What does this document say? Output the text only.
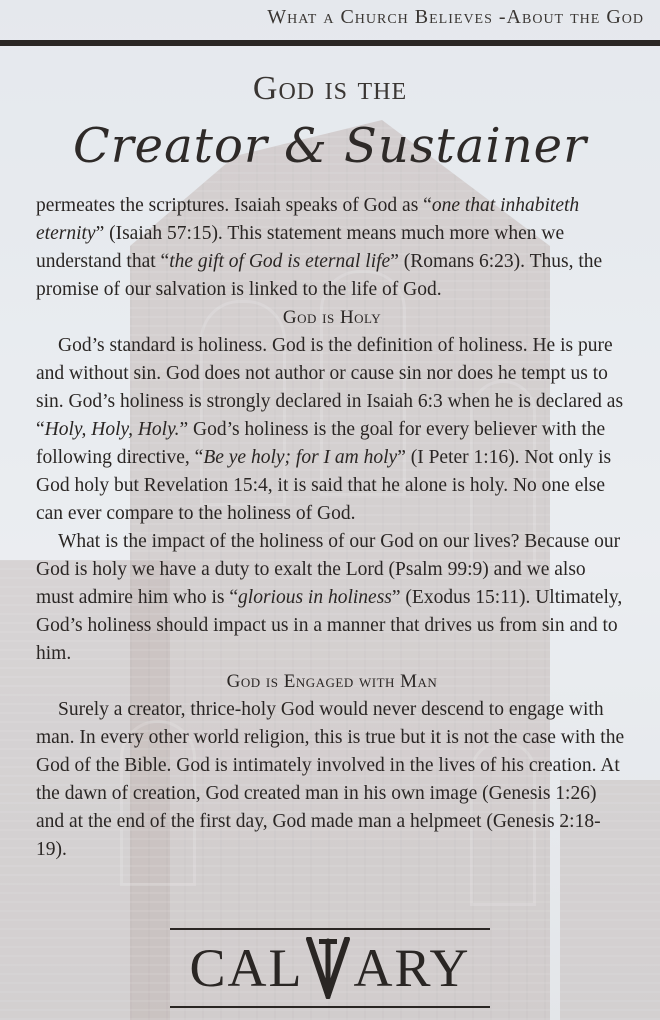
What a Church Believes -About the God
God is the
Creator & Sustainer

permeates the scriptures. Isaiah speaks of God as “one that inhabiteth eternity” (Isaiah 57:15). This statement means much more when we understand that “the gift of God is eternal life” (Romans 6:23). Thus, the promise of our salvation is linked to the life of God.

God is Holy

God’s standard is holiness. God is the definition of holiness. He is pure and without sin. God does not author or cause sin nor does he tempt us to sin. God’s holiness is strongly declared in Isaiah 6:3 when he is declared as “Holy, Holy, Holy.” God’s holiness is the goal for every believer with the following directive, “Be ye holy; for I am holy” (I Peter 1:16). Not only is God holy but Revelation 15:4, it is said that he alone is holy. No one else can ever compare to the holiness of God.

What is the impact of the holiness of our God on our lives? Because our God is holy we have a duty to exalt the Lord (Psalm 99:9) and we also must admire him who is “glorious in holiness” (Exodus 15:11). Ultimately, God’s holiness should impact us in a manner that drives us from sin and to him.

God is Engaged with Man

Surely a creator, thrice-holy God would never descend to engage with man. In every other world religion, this is true but it is not the case with the God of the Bible. God is intimately involved in the lives of his creation. At the dawn of creation, God created man in his own image (Genesis 1:26) and at the end of the first day, God made man a helpmeet (Genesis 2:18-19).

CAL ARY
